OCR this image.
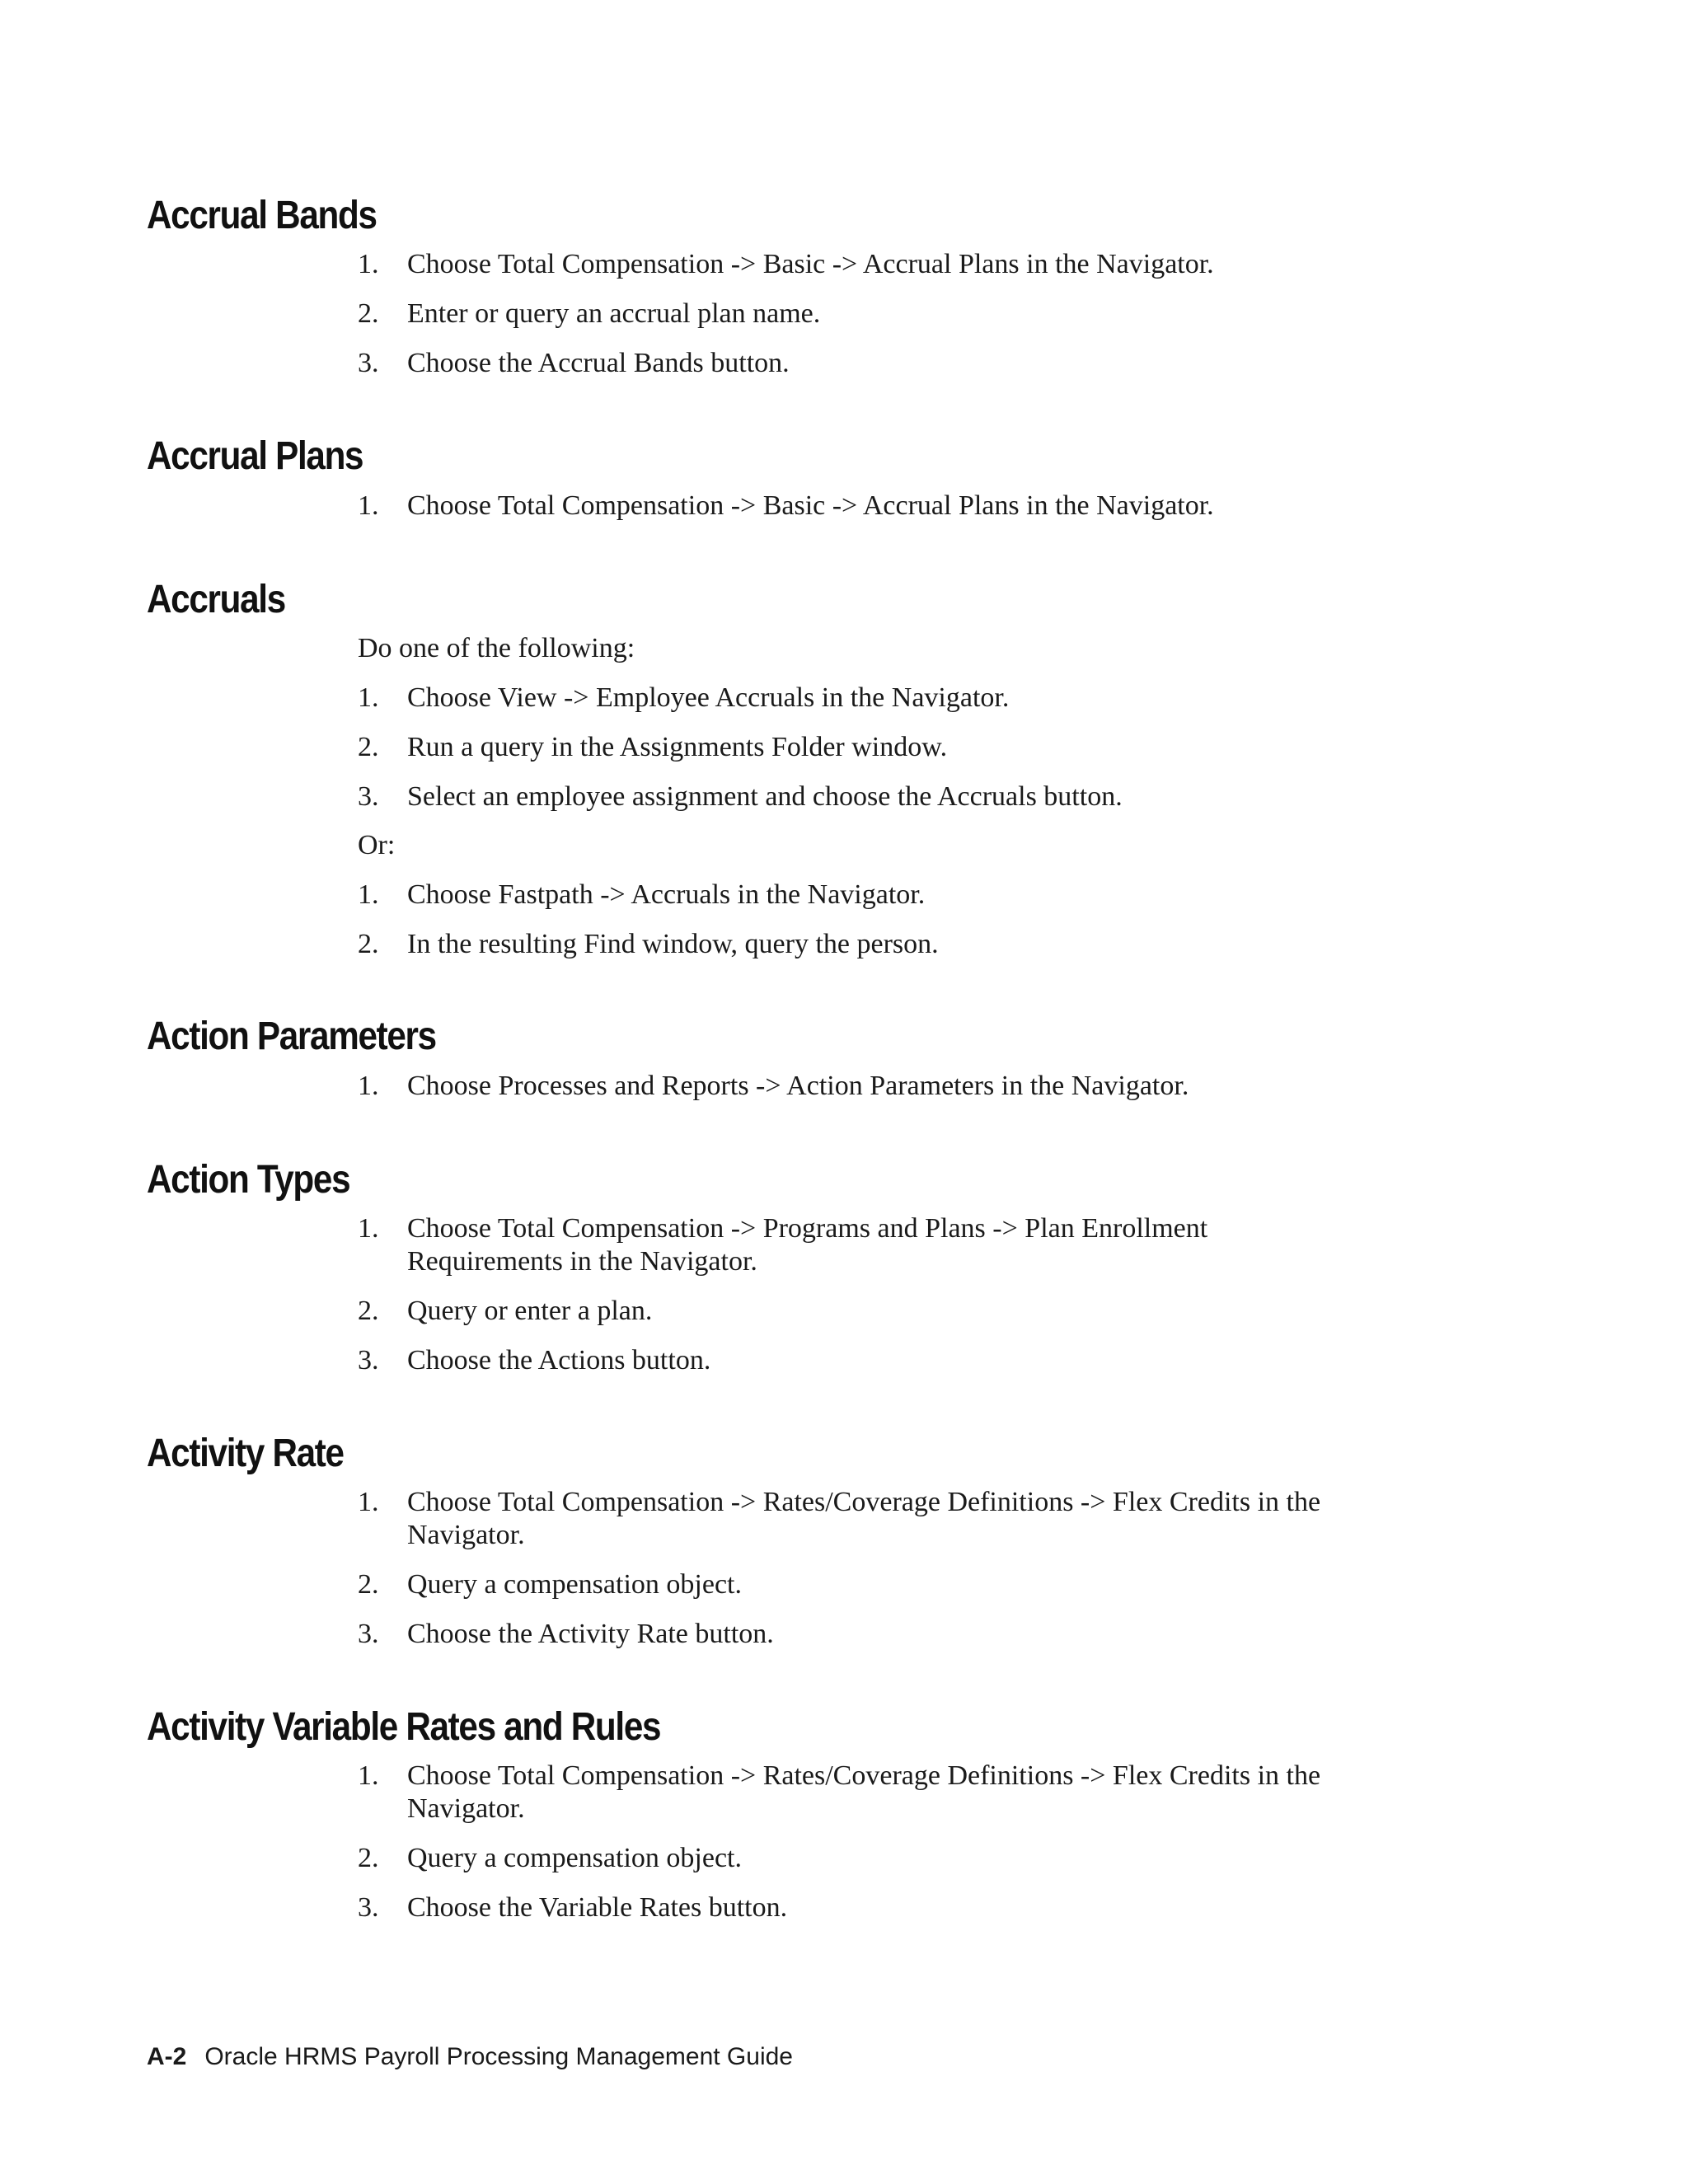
Accrual Bands
1.	Choose Total Compensation -> Basic -> Accrual Plans in the Navigator.
2.	Enter or query an accrual plan name.
3.	Choose the Accrual Bands button.
Accrual Plans
1.	Choose Total Compensation -> Basic -> Accrual Plans in the Navigator.
Accruals

Do one of the following:

1.	Choose View -> Employee Accruals in the Navigator.
2.	Run a query in the Assignments Folder window.
3.	Select an employee assignment and choose the Accruals button.

Or:

1.	Choose Fastpath -> Accruals in the Navigator.
2.	In the resulting Find window, query the person.
Action Parameters
1.	Choose Processes and Reports -> Action Parameters in the Navigator.
Action Types
1.	Choose Total Compensation -> Programs and Plans -> Plan Enrollment Requirements in the Navigator.
2.	Query or enter a plan.
3.	Choose the Actions button.
Activity Rate
1.	Choose Total Compensation -> Rates/Coverage Definitions -> Flex Credits in the Navigator.
2.	Query a compensation object.
3.	Choose the Activity Rate button.
Activity Variable Rates and Rules
1.	Choose Total Compensation -> Rates/Coverage Definitions -> Flex Credits in the Navigator.
2.	Query a compensation object.
3.	Choose the Variable Rates button.
A-2 Oracle HRMS Payroll Processing Management Guide
